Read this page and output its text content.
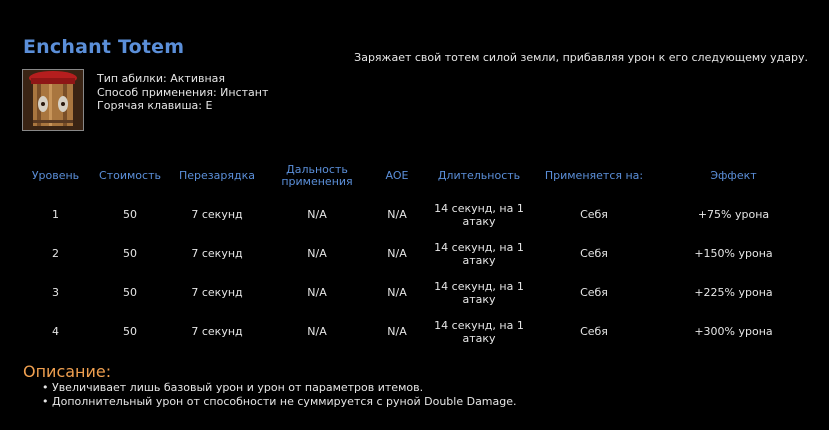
Enchant Totem	Заряжает свой тотем силой земли, прибавляя урон к его следующему удару.
Тип абилки: Активная
Способ применения: Инстант
Горячая клавиша: E
Уровень	Стоимость	Перезарядка	Дальность применения	AOE	Длительность	Применяется на:	Эффект
1	50	7 секунд	N/A	N/A	14 секунд, на 1 атаку	Себя	+75% урона
2	50	7 секунд	N/A	N/A	14 секунд, на 1 атаку	Себя	+150% урона
3	50	7 секунд	N/A	N/A	14 секунд, на 1 атаку	Себя	+225% урона
4	50	7 секунд	N/A	N/A	14 секунд, на 1 атаку	Себя	+300% урона
Описание:
• Увеличивает лишь базовый урон и урон от параметров итемов.
• Дополнительный урон от способности не суммируется с руной Double Damage.
